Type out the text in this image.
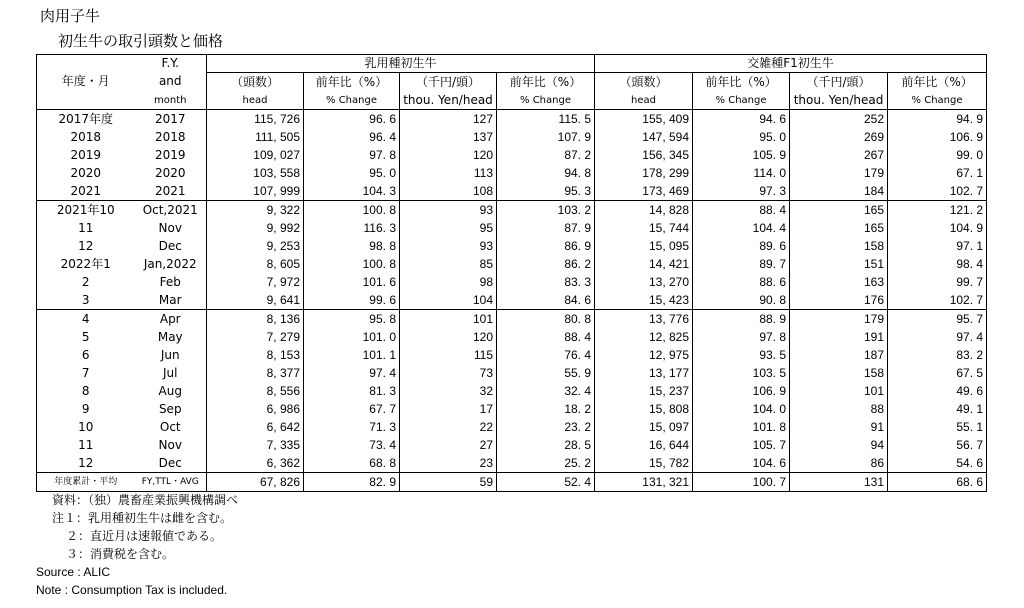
肉用子牛
初生牛の取引頭数と価格
	F.Y.	乳用種初生牛				交雑種F1初生牛			
年度・月	and	（頭数）	前年比（%）	（千円/頭）	前年比（%）	（頭数）	前年比（%）	（千円/頭）	前年比（%）
	month	head	% Change	thou. Yen/head	% Change	head	% Change	thou. Yen/head	% Change
2017年度	2017	115, 726	96. 6	127	115. 5	155, 409	94. 6	252	94. 9
2018	2018	111, 505	96. 4	137	107. 9	147, 594	95. 0	269	106. 9
2019	2019	109, 027	97. 8	120	87. 2	156, 345	105. 9	267	99. 0
2020	2020	103, 558	95. 0	113	94. 8	178, 299	114. 0	179	67. 1
2021	2021	107, 999	104. 3	108	95. 3	173, 469	97. 3	184	102. 7
2021年10	Oct,2021	9, 322	100. 8	93	103. 2	14, 828	88. 4	165	121. 2
11	Nov	9, 992	116. 3	95	87. 9	15, 744	104. 4	165	104. 9
12	Dec	9, 253	98. 8	93	86. 9	15, 095	89. 6	158	97. 1
2022年1	Jan,2022	8, 605	100. 8	85	86. 2	14, 421	89. 7	151	98. 4
2	Feb	7, 972	101. 6	98	83. 3	13, 270	88. 6	163	99. 7
3	Mar	9, 641	99. 6	104	84. 6	15, 423	90. 8	176	102. 7
4	Apr	8, 136	95. 8	101	80. 8	13, 776	88. 9	179	95. 7
5	May	7, 279	101. 0	120	88. 4	12, 825	97. 8	191	97. 4
6	Jun	8, 153	101. 1	115	76. 4	12, 975	93. 5	187	83. 2
7	Jul	8, 377	97. 4	73	55. 9	13, 177	103. 5	158	67. 5
8	Aug	8, 556	81. 3	32	32. 4	15, 237	106. 9	101	49. 6
9	Sep	6, 986	67. 7	17	18. 2	15, 808	104. 0	88	49. 1
10	Oct	6, 642	71. 3	22	23. 2	15, 097	101. 8	91	55. 1
11	Nov	7, 335	73. 4	27	28. 5	16, 644	105. 7	94	56. 7
12	Dec	6, 362	68. 8	23	25. 2	15, 782	104. 6	86	54. 6
年度累計・平均	FY,TTL・AVG	67, 826	82. 9	59	52. 4	131, 321	100. 7	131	68. 6
資料：（独）農畜産業振興機構調べ
注１：乳用種初生牛は雌を含む。
２：直近月は速報値である。
３：消費税を含む。
Source : ALIC
Note : Consumption Tax is included.
